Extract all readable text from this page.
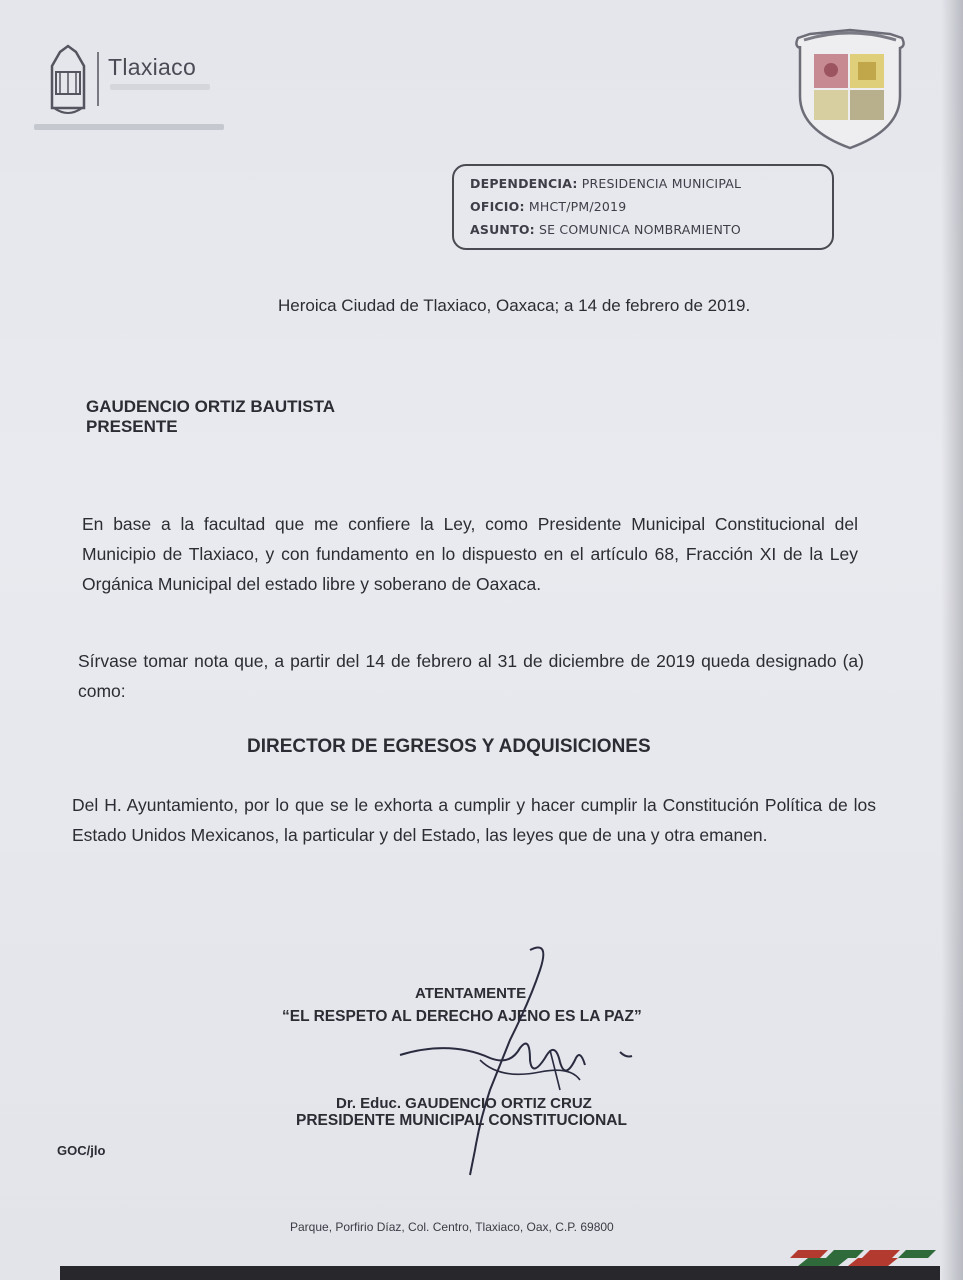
Tlaxiaco
DEPENDENCIA: PRESIDENCIA MUNICIPAL
OFICIO: MHCT/PM/2019
ASUNTO: SE COMUNICA NOMBRAMIENTO
Heroica Ciudad de Tlaxiaco, Oaxaca; a 14 de febrero de 2019.
GAUDENCIO ORTIZ BAUTISTA
PRESENTE
En base a la facultad que me confiere la Ley, como Presidente Municipal Constitucional del Municipio de Tlaxiaco, y con fundamento en lo dispuesto en el artículo 68, Fracción XI de la Ley Orgánica Municipal del estado libre y soberano de Oaxaca.
Sírvase tomar nota que, a partir del 14 de febrero al 31 de diciembre de 2019 queda designado (a) como:
DIRECTOR DE EGRESOS Y ADQUISICIONES
Del H. Ayuntamiento, por lo que se le exhorta a cumplir y hacer cumplir la Constitución Política de los Estado Unidos Mexicanos, la particular y del Estado, las leyes que de una y otra emanen.
ATENTAMENTE
“EL RESPETO AL DERECHO AJENO ES LA PAZ”
Dr. Educ. GAUDENCIO ORTIZ CRUZ
PRESIDENTE MUNICIPAL CONSTITUCIONAL
GOC/jlo
Parque, Porfirio Díaz, Col. Centro, Tlaxiaco, Oax, C.P. 69800
